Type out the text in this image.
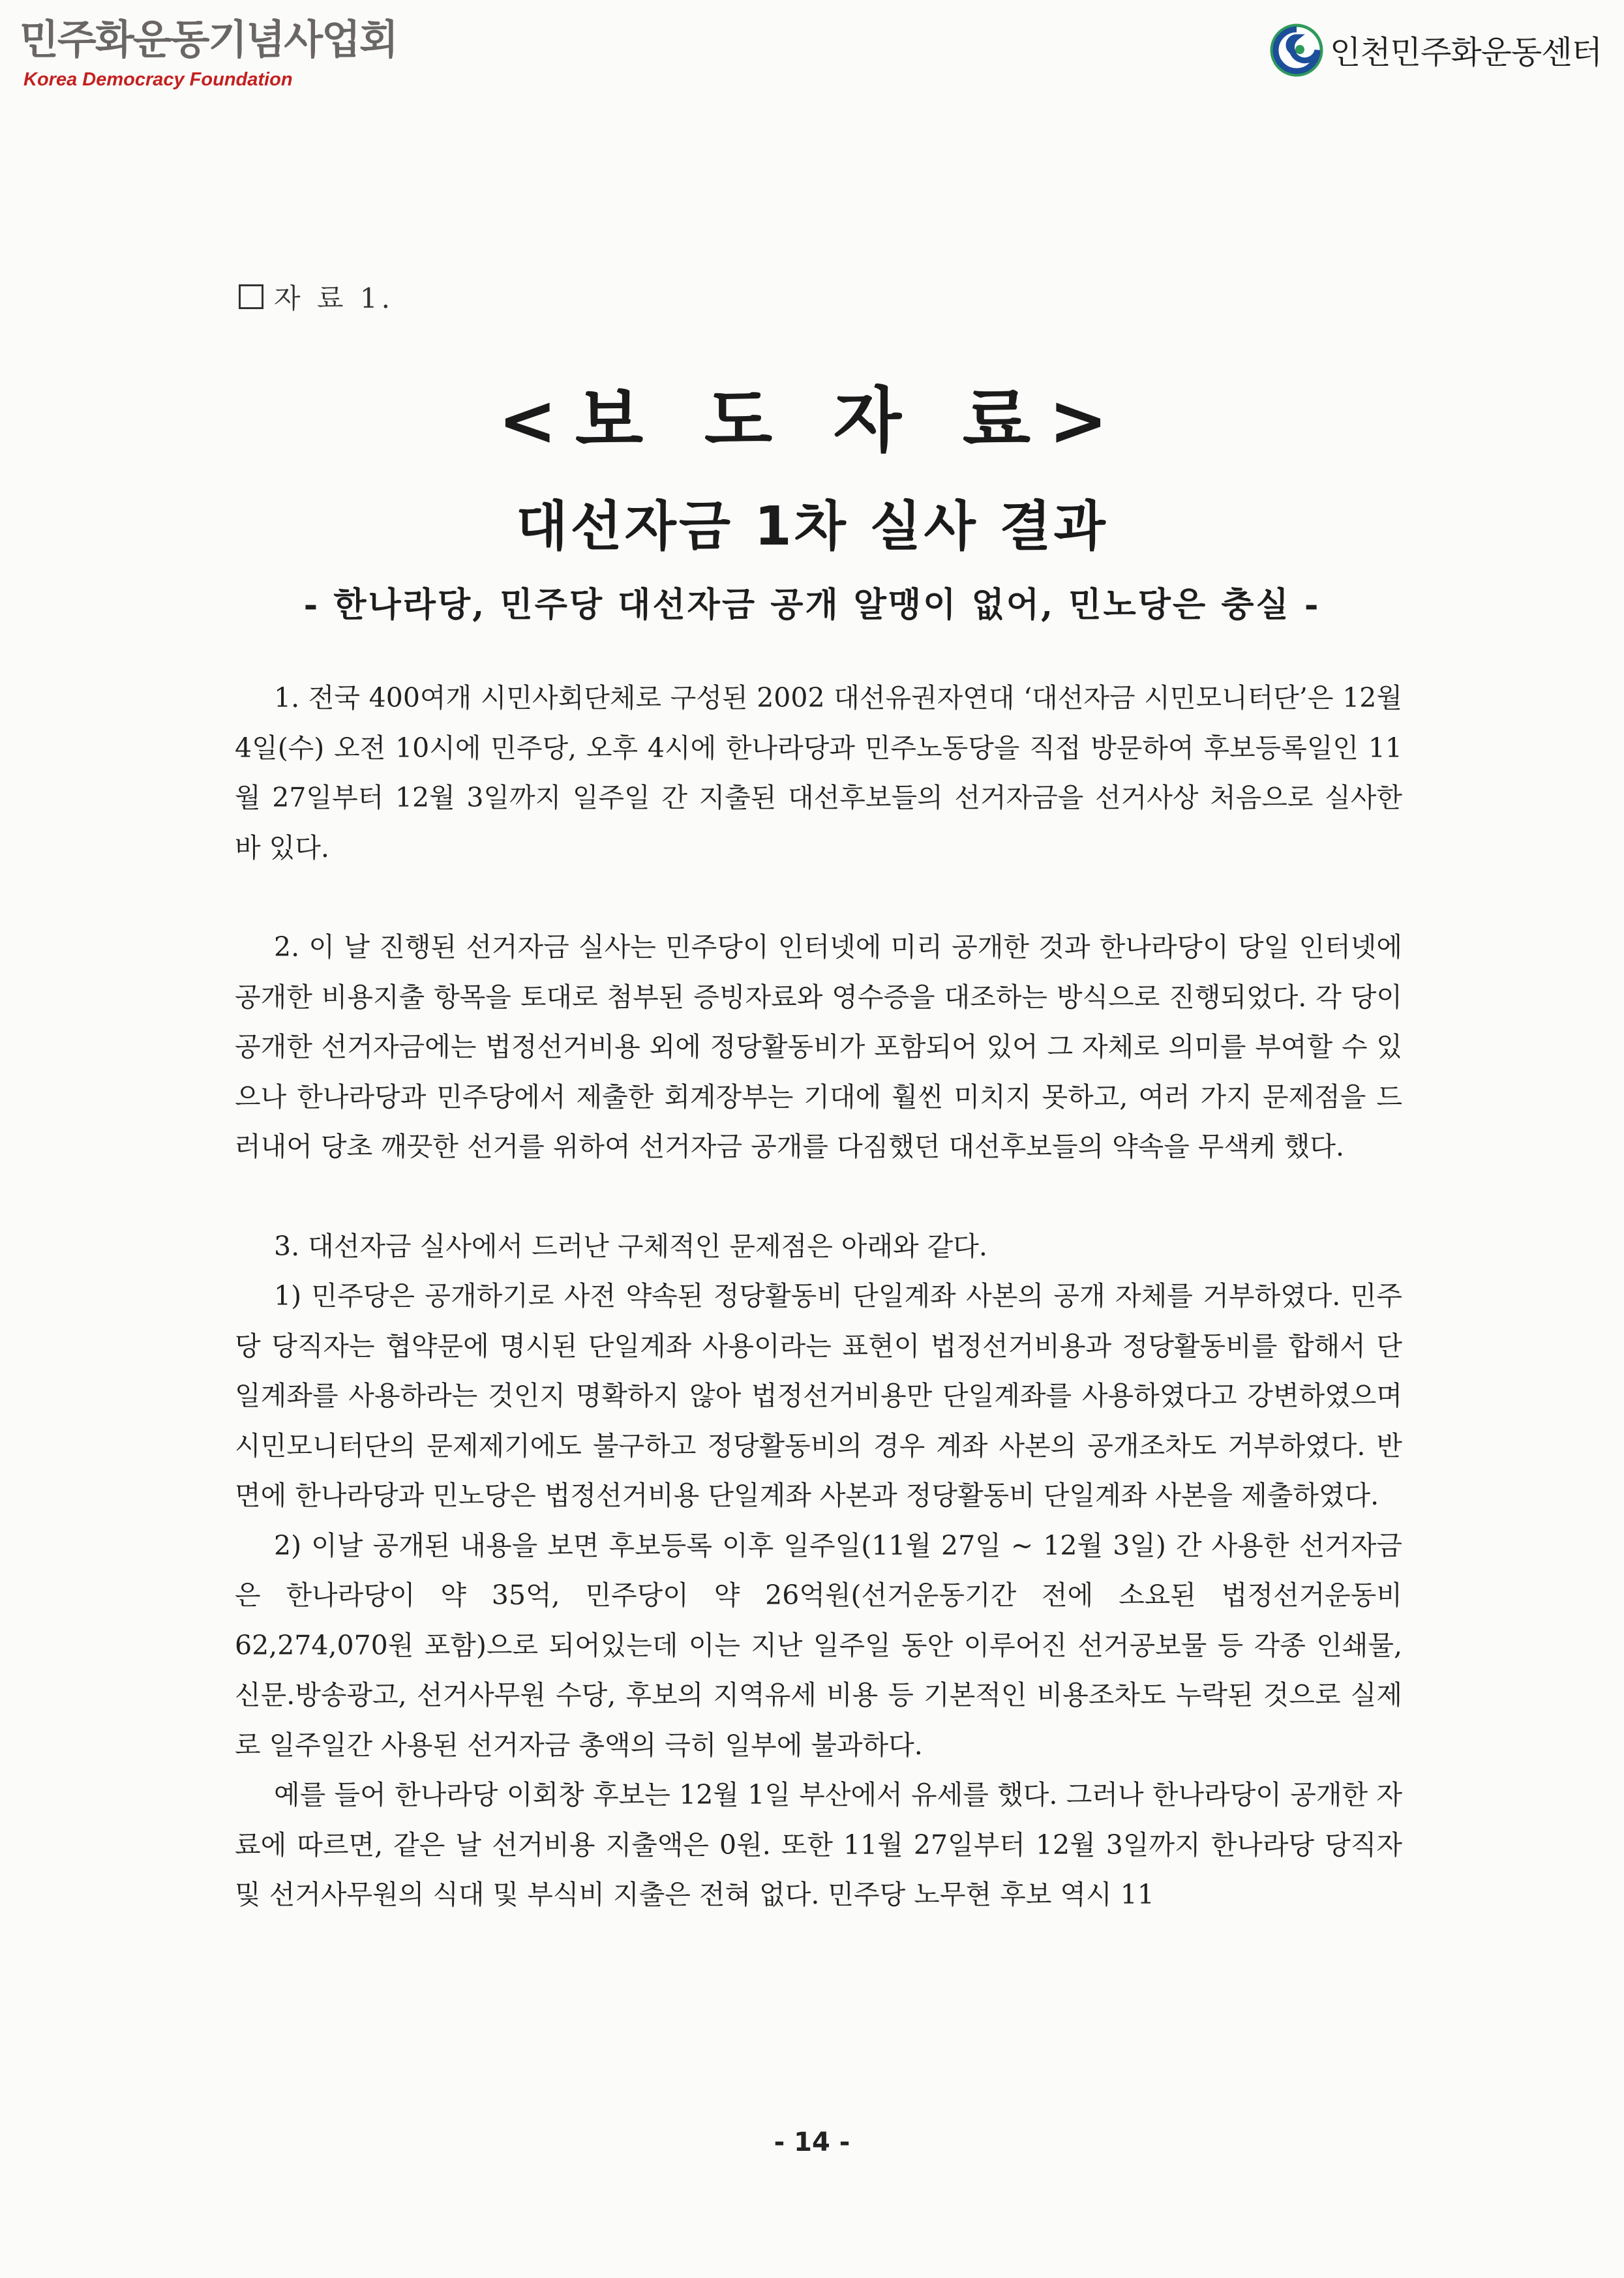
민주화운동기념사업회
Korea Democracy Foundation
인천민주화운동센터
자 료 1.
<보 도 자 료>
대선자금 1차 실사 결과
- 한나라당, 민주당 대선자금 공개 알맹이 없어, 민노당은 충실 -

1. 전국 400여개 시민사회단체로 구성된 2002 대선유권자연대 ‘대선자금 시민모니터단’은 12월 4일(수) 오전 10시에 민주당, 오후 4시에 한나라당과 민주노동당을 직접 방문하여 후보등록일인 11월 27일부터 12월 3일까지 일주일 간 지출된 대선후보들의 선거자금을 선거사상 처음으로 실사한 바 있다.

2. 이 날 진행된 선거자금 실사는 민주당이 인터넷에 미리 공개한 것과 한나라당이 당일 인터넷에 공개한 비용지출 항목을 토대로 첨부된 증빙자료와 영수증을 대조하는 방식으로 진행되었다. 각 당이 공개한 선거자금에는 법정선거비용 외에 정당활동비가 포함되어 있어 그 자체로 의미를 부여할 수 있으나 한나라당과 민주당에서 제출한 회계장부는 기대에 훨씬 미치지 못하고, 여러 가지 문제점을 드러내어 당초 깨끗한 선거를 위하여 선거자금 공개를 다짐했던 대선후보들의 약속을 무색케 했다.

3. 대선자금 실사에서 드러난 구체적인 문제점은 아래와 같다.

1) 민주당은 공개하기로 사전 약속된 정당활동비 단일계좌 사본의 공개 자체를 거부하였다. 민주당 당직자는 협약문에 명시된 단일계좌 사용이라는 표현이 법정선거비용과 정당활동비를 합해서 단일계좌를 사용하라는 것인지 명확하지 않아 법정선거비용만 단일계좌를 사용하였다고 강변하였으며 시민모니터단의 문제제기에도 불구하고 정당활동비의 경우 계좌 사본의 공개조차도 거부하였다. 반면에 한나라당과 민노당은 법정선거비용 단일계좌 사본과 정당활동비 단일계좌 사본을 제출하였다.

2) 이날 공개된 내용을 보면 후보등록 이후 일주일(11월 27일 ~ 12월 3일) 간 사용한 선거자금은 한나라당이 약 35억, 민주당이 약 26억원(선거운동기간 전에 소요된 법정선거운동비 62,274,070원 포함)으로 되어있는데 이는 지난 일주일 동안 이루어진 선거공보물 등 각종 인쇄물, 신문.방송광고, 선거사무원 수당, 후보의 지역유세 비용 등 기본적인 비용조차도 누락된 것으로 실제로 일주일간 사용된 선거자금 총액의 극히 일부에 불과하다.

예를 들어 한나라당 이회창 후보는 12월 1일 부산에서 유세를 했다. 그러나 한나라당이 공개한 자료에 따르면, 같은 날 선거비용 지출액은 0원. 또한 11월 27일부터 12월 3일까지 한나라당 당직자 및 선거사무원의 식대 및 부식비 지출은 전혀 없다. 민주당 노무현 후보 역시 11

- 14 -
